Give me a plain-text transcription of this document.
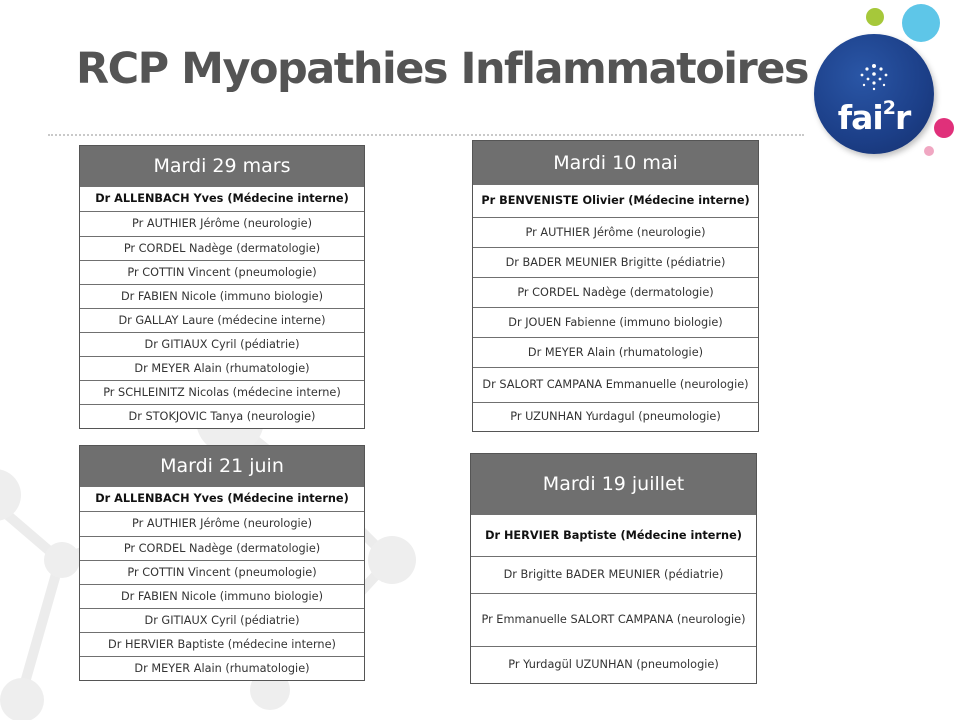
RCP Myopathies Inflammatoires
fai$^2$r
Mardi 29 mars
Dr ALLENBACH Yves (Médecine interne)
Pr AUTHIER Jérôme (neurologie)
Pr CORDEL Nadège (dermatologie)
Pr COTTIN Vincent (pneumologie)
Dr FABIEN Nicole (immuno biologie)
Dr GALLAY Laure (médecine interne)
Dr GITIAUX Cyril (pédiatrie)
Dr MEYER Alain (rhumatologie)
Pr SCHLEINITZ Nicolas (médecine interne)
Dr STOKJOVIC Tanya (neurologie)
Mardi 10 mai
Pr BENVENISTE Olivier (Médecine interne)
Pr AUTHIER Jérôme (neurologie)
Dr BADER MEUNIER Brigitte (pédiatrie)
Pr CORDEL Nadège (dermatologie)
Dr JOUEN Fabienne (immuno biologie)
Dr MEYER Alain (rhumatologie)
Dr SALORT CAMPANA Emmanuelle (neurologie)
Pr UZUNHAN Yurdagul (pneumologie)
Mardi 21 juin
Dr ALLENBACH Yves (Médecine interne)
Pr AUTHIER Jérôme (neurologie)
Pr CORDEL Nadège (dermatologie)
Pr COTTIN Vincent (pneumologie)
Dr FABIEN Nicole (immuno biologie)
Dr GITIAUX Cyril (pédiatrie)
Dr HERVIER Baptiste (médecine interne)
Dr MEYER Alain (rhumatologie)
Mardi 19 juillet
Dr HERVIER Baptiste (Médecine interne)
Dr Brigitte BADER MEUNIER (pédiatrie)
Pr Emmanuelle SALORT CAMPANA (neurologie)
Pr Yurdagül UZUNHAN (pneumologie)
